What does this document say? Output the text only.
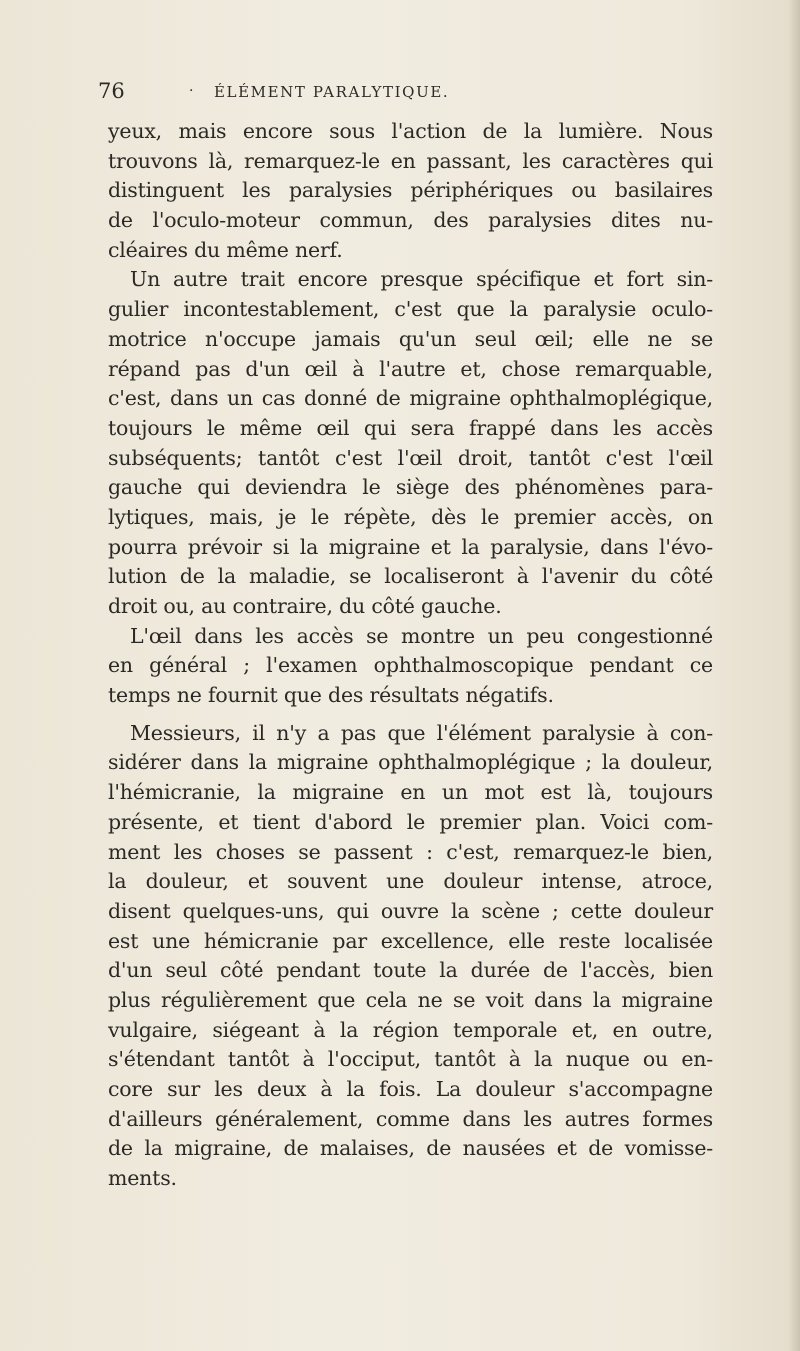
76	· ÉLÉMENT PARALYTIQUE.
yeux, mais encore sous l'action de la lumière. Nous
trouvons là, remarquez-le en passant, les caractères qui
distinguent les paralysies périphériques ou basilaires
de l'oculo-moteur commun, des paralysies dites nu-
cléaires du même nerf.
Un autre trait encore presque spécifique et fort sin-
gulier incontestablement, c'est que la paralysie oculo-
motrice n'occupe jamais qu'un seul œil; elle ne se
répand pas d'un œil à l'autre et, chose remarquable,
c'est, dans un cas donné de migraine ophthalmoplégique,
toujours le même œil qui sera frappé dans les accès
subséquents; tantôt c'est l'œil droit, tantôt c'est l'œil
gauche qui deviendra le siège des phénomènes para-
lytiques, mais, je le répète, dès le premier accès, on
pourra prévoir si la migraine et la paralysie, dans l'évo-
lution de la maladie, se localiseront à l'avenir du côté
droit ou, au contraire, du côté gauche.
L'œil dans les accès se montre un peu congestionné
en général ; l'examen ophthalmoscopique pendant ce
temps ne fournit que des résultats négatifs.
Messieurs, il n'y a pas que l'élément paralysie à con-
sidérer dans la migraine ophthalmoplégique ; la douleur,
l'hémicranie, la migraine en un mot est là, toujours
présente, et tient d'abord le premier plan. Voici com-
ment les choses se passent : c'est, remarquez-le bien,
la douleur, et souvent une douleur intense, atroce,
disent quelques-uns, qui ouvre la scène ; cette douleur
est une hémicranie par excellence, elle reste localisée
d'un seul côté pendant toute la durée de l'accès, bien
plus régulièrement que cela ne se voit dans la migraine
vulgaire, siégeant à la région temporale et, en outre,
s'étendant tantôt à l'occiput, tantôt à la nuque ou en-
core sur les deux à la fois. La douleur s'accompagne
d'ailleurs généralement, comme dans les autres formes
de la migraine, de malaises, de nausées et de vomisse-
ments.
